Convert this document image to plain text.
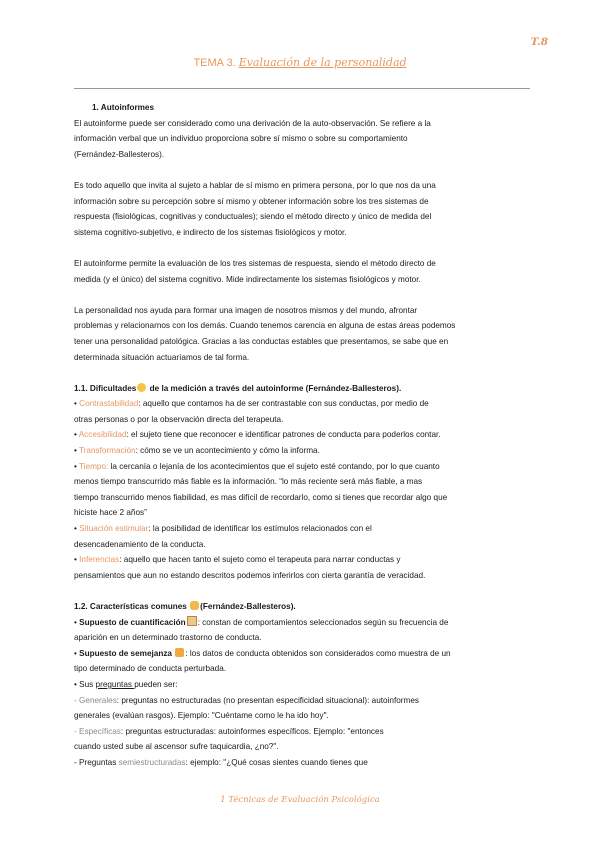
T.8
TEMA 3. Evaluación de la personalidad

1. Autoinformes

El autoinforme puede ser considerado como una derivación de la auto-observación. Se refiere a la

información verbal que un individuo proporciona sobre sí mismo o sobre su comportamiento

(Fernández-Ballesteros).

Es todo aquello que invita al sujeto a hablar de sí mismo en primera persona, por lo que nos da una

información sobre su percepción sobre sí mismo y obtener información sobre los tres sistemas de

respuesta (fisiológicas, cognitivas y conductuales); siendo el método directo y único de medida del

sistema cognitivo-subjetivo, e indirecto de los sistemas fisiológicos y motor.

El autoinforme permite la evaluación de los tres sistemas de respuesta, siendo el método directo de

medida (y el único) del sistema cognitivo. Mide indirectamente los sistemas fisiológicos y motor.

La personalidad nos ayuda para formar una imagen de nosotros mismos y del mundo, afrontar

problemas y relacionarnos con los demás. Cuando tenemos carencia en alguna de estas áreas podemos

tener una personalidad patológica. Gracias a las conductas estables que presentamos, se sabe que en

determinada situación actuaríamos de tal forma.

1.1. Dificultades de la medición a través del autoinforme (Fernández-Ballesteros).

• Contrastabilidad: aquello que contamos ha de ser contrastable con sus conductas, por medio de

otras personas o por la observación directa del terapeuta.

• Accesibilidad: el sujeto tiene que reconocer e identificar patrones de conducta para poderlos contar.

• Transformación: cómo se ve un acontecimiento y cómo la informa.

• Tiempo: la cercanía o lejanía de los acontecimientos que el sujeto esté contando, por lo que cuanto

menos tiempo transcurrido más fiable es la información. “lo más reciente será más fiable, a mas

tiempo transcurrido menos fiabilidad, es mas difícil de recordarlo, como si tienes que recordar algo que

hiciste hace 2 años”

• Situación estimular: la posibilidad de identificar los estímulos relacionados con el

desencadenamiento de la conducta.

• Inferencias: aquello que hacen tanto el sujeto como el terapeuta para narrar conductas y

pensamientos que aun no estando descritos podemos inferirlos con cierta garantía de veracidad.

1.2. Características comunes (Fernández-Ballesteros).

• Supuesto de cuantificación : constan de comportamientos seleccionados según su frecuencia de

aparición en un determinado trastorno de conducta.

• Supuesto de semejanza : los datos de conducta obtenidos son considerados como muestra de un

tipo determinado de conducta perturbada.

• Sus preguntas pueden ser:

- Generales: preguntas no estructuradas (no presentan especificidad situacional): autoinformes

generales (evalúan rasgos). Ejemplo: "Cuéntame como le ha ido hoy".

- Específicas: preguntas estructuradas: autoinformes específicos. Ejemplo: "entonces

cuando usted sube al ascensor sufre taquicardia, ¿no?".

- Preguntas semiestructuradas: ejemplo: "¿Qué cosas sientes cuando tienes que

1 Técnicas de Evaluación Psicológica
